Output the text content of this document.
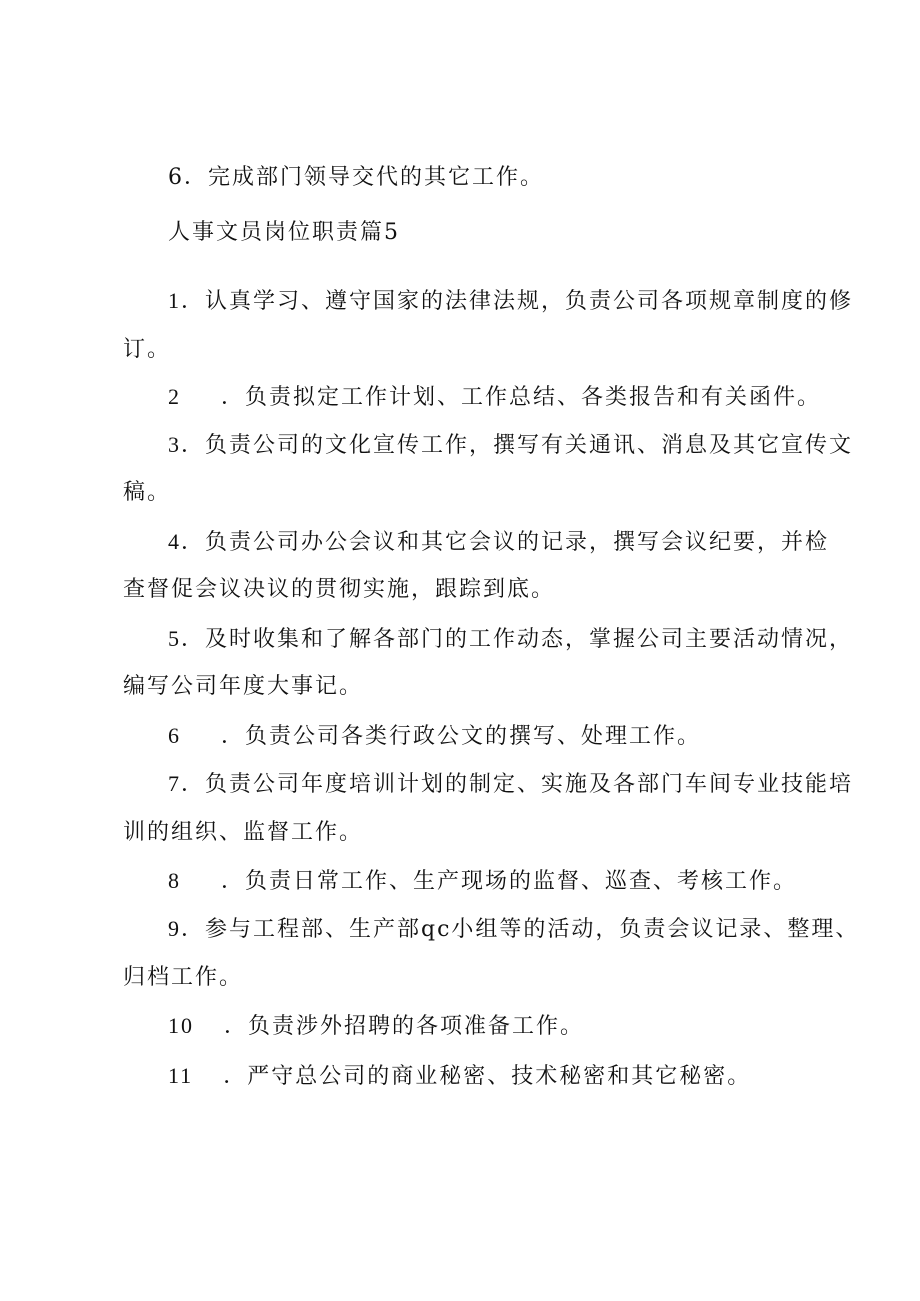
6．完成部门领导交代的其它工作。
人事文员岗位职责篇5
1．认真学习、遵守国家的法律法规，负责公司各项规章制度的修
订。
2 ．负责拟定工作计划、工作总结、各类报告和有关函件。
3．负责公司的文化宣传工作，撰写有关通讯、消息及其它宣传文
稿。
4．负责公司办公会议和其它会议的记录，撰写会议纪要，并检
查督促会议决议的贯彻实施，跟踪到底。
5．及时收集和了解各部门的工作动态，掌握公司主要活动情况，
编写公司年度大事记。
6 ．负责公司各类行政公文的撰写、处理工作。
7．负责公司年度培训计划的制定、实施及各部门车间专业技能培
训的组织、监督工作。
8 ．负责日常工作、生产现场的监督、巡查、考核工作。
9．参与工程部、生产部qc小组等的活动，负责会议记录、整理、
归档工作。
10 ．负责涉外招聘的各项准备工作。
11 ．严守总公司的商业秘密、技术秘密和其它秘密。
